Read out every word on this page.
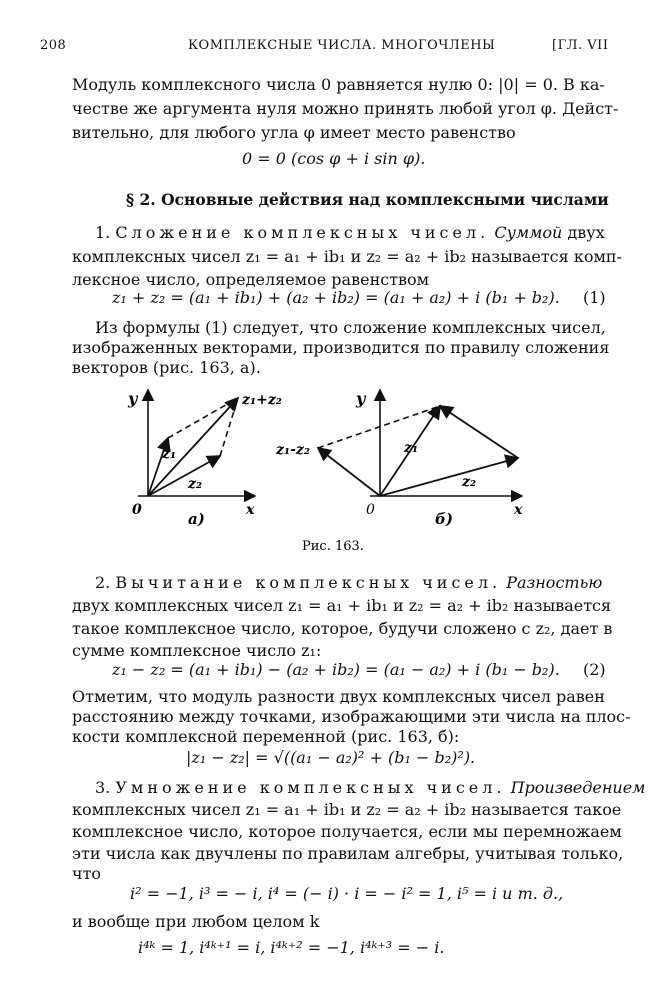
208	КОМПЛЕКСНЫЕ ЧИСЛА. МНОГОЧЛЕНЫ	[ГЛ. VII
Модуль комплексного числа 0 равняется нулю 0: |0| = 0. В ка-
честве же аргумента нуля можно принять любой угол φ. Дейст-
вительно, для любого угла φ имеет место равенство
0 = 0 (cos φ + i sin φ).
§ 2. Основные действия над комплексными числами
1. Сложение комплексных чисел. Суммой двух
комплексных чисел z₁ = a₁ + ib₁ и z₂ = a₂ + ib₂ называется комп-
лексное число, определяемое равенством
z₁ + z₂ = (a₁ + ib₁) + (a₂ + ib₂) = (a₁ + a₂) + i (b₁ + b₂). (1)
Из формулы (1) следует, что сложение комплексных чисел,
изображенных векторами, производится по правилу сложения
векторов (рис. 163, a).
y
x
0
z₁
z₂
z₁+z₂
a)
y
x
0
z₁
z₂
z₁-z₂
б)
Рис. 163.
2. Вычитание комплексных чисел. Разностью
двух комплексных чисел z₁ = a₁ + ib₁ и z₂ = a₂ + ib₂ называется
такое комплексное число, которое, будучи сложено с z₂, дает в
сумме комплексное число z₁:
z₁ − z₂ = (a₁ + ib₁) − (a₂ + ib₂) = (a₁ − a₂) + i (b₁ − b₂). (2)
Отметим, что модуль разности двух комплексных чисел равен
расстоянию между точками, изображающими эти числа на плос-
кости комплексной переменной (рис. 163, б):
|z₁ − z₂| = √((a₁ − a₂)² + (b₁ − b₂)²).
3. Умножение комплексных чисел. Произведением
комплексных чисел z₁ = a₁ + ib₁ и z₂ = a₂ + ib₂ называется такое
комплексное число, которое получается, если мы перемножаем
эти числа как двучлены по правилам алгебры, учитывая только,
что
i² = −1, i³ = − i, i⁴ = (− i) · i = − i² = 1, i⁵ = i и т. д.,
и вообще при любом целом k
i⁴ᵏ = 1, i⁴ᵏ⁺¹ = i, i⁴ᵏ⁺² = −1, i⁴ᵏ⁺³ = − i.
